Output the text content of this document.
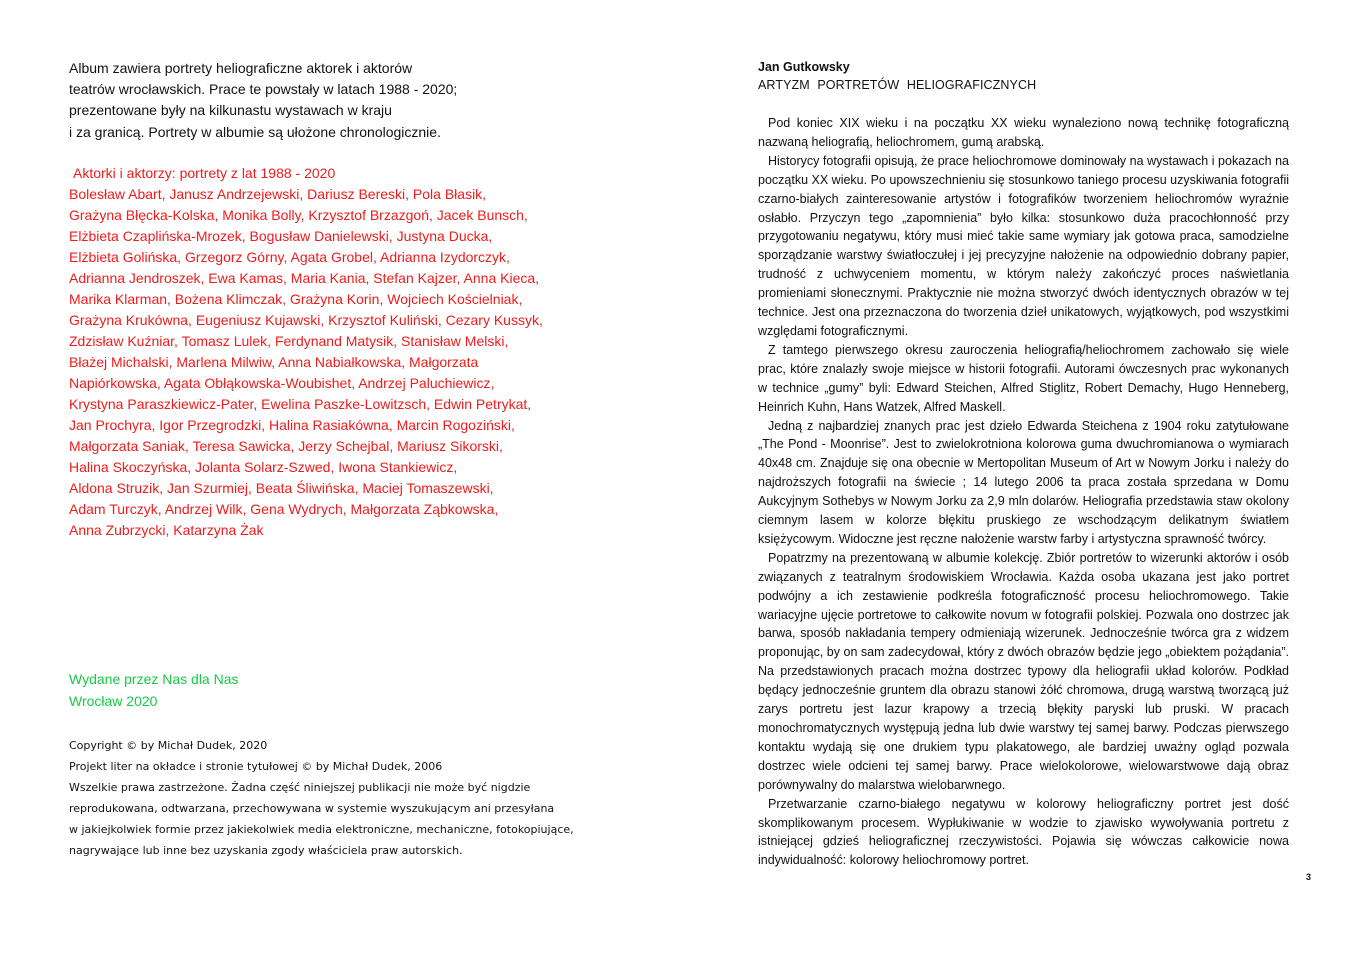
Album zawiera portrety heliograficzne aktorek i aktorów

teatrów wrocławskich. Prace te powstały w latach 1988 - 2020;

prezentowane były na kilkunastu wystawach w kraju

i za granicą. Portrety w albumie są ułożone chronologicznie.

Aktorki i aktorzy: portrety z lat 1988 - 2020

Bolesław Abart, Janusz Andrzejewski, Dariusz Bereski, Pola Błasik,

Grażyna Błęcka-Kolska, Monika Bolly, Krzysztof Brzazgoń, Jacek Bunsch,

Elżbieta Czaplińska-Mrozek, Bogusław Danielewski, Justyna Ducka,

Elżbieta Golińska, Grzegorz Górny, Agata Grobel, Adrianna Izydorczyk,

Adrianna Jendroszek, Ewa Kamas, Maria Kania, Stefan Kajzer, Anna Kieca,

Marika Klarman, Bożena Klimczak, Grażyna Korin, Wojciech Kościelniak,

Grażyna Krukówna, Eugeniusz Kujawski, Krzysztof Kuliński, Cezary Kussyk,

Zdzisław Kuźniar, Tomasz Lulek, Ferdynand Matysik, Stanisław Melski,

Błażej Michalski, Marlena Milwiw, Anna Nabiałkowska, Małgorzata

Napiórkowska, Agata Obłąkowska-Woubishet, Andrzej Paluchiewicz,

Krystyna Paraszkiewicz-Pater, Ewelina Paszke-Lowitzsch, Edwin Petrykat,

Jan Prochyra, Igor Przegrodzki, Halina Rasiakówna, Marcin Rogoziński,

Małgorzata Saniak, Teresa Sawicka, Jerzy Schejbal, Mariusz Sikorski,

Halina Skoczyńska, Jolanta Solarz-Szwed, Iwona Stankiewicz,

Aldona Struzik, Jan Szurmiej, Beata Śliwińska, Maciej Tomaszewski,

Adam Turczyk, Andrzej Wilk, Gena Wydrych, Małgorzata Ząbkowska,

Anna Zubrzycki, Katarzyna Żak

Wydane przez Nas dla Nas

Wrocław 2020

Copyright © by Michał Dudek, 2020

Projekt liter na okładce i stronie tytułowej © by Michał Dudek, 2006

Wszelkie prawa zastrzeżone. Żadna część niniejszej publikacji nie może być nigdzie

reprodukowana, odtwarzana, przechowywana w systemie wyszukującym ani przesyłana

w jakiejkolwiek formie przez jakiekolwiek media elektroniczne, mechaniczne, fotokopiujące,

nagrywające lub inne bez uzyskania zgody właściciela praw autorskich.

Jan Gutkowsky

ARTYZM PORTRETÓW HELIOGRAFICZNYCH

Pod koniec XIX wieku i na początku XX wieku wynaleziono nową technikę fotograficzną nazwaną heliografią, heliochromem, gumą arabską.

Historycy fotografii opisują, że prace heliochromowe dominowały na wystawach i pokazach na początku XX wieku. Po upowszechnieniu się stosunkowo taniego procesu uzyskiwania fotografii czarno-białych zainteresowanie artystów i fotografików tworzeniem heliochromów wyraźnie osłabło. Przyczyn tego „zapomnienia” było kilka: stosunkowo duża pracochłonność przy przygotowaniu negatywu, który musi mieć takie same wymiary jak gotowa praca, samodzielne sporządzanie warstwy światłoczułej i jej precyzyjne nałożenie na odpowiednio dobrany papier, trudność z uchwyceniem momentu, w którym należy zakończyć proces naświetlania promieniami słonecznymi. Praktycznie nie można stworzyć dwóch identycznych obrazów w tej technice. Jest ona przeznaczona do tworzenia dzieł unikatowych, wyjątkowych, pod wszystkimi względami fotograficznymi.

Z tamtego pierwszego okresu zauroczenia heliografią/heliochromem zachowało się wiele prac, które znalazły swoje miejsce w historii fotografii. Autorami ówczesnych prac wykonanych w technice „gumy” byli: Edward Steichen, Alfred Stiglitz, Robert Demachy, Hugo Henneberg, Heinrich Kuhn, Hans Watzek, Alfred Maskell.

Jedną z najbardziej znanych prac jest dzieło Edwarda Steichena z 1904 roku zatytułowane „The Pond - Moonrise”. Jest to zwielokrotniona kolorowa guma dwuchromianowa o wymiarach 40x48 cm. Znajduje się ona obecnie w Mertopolitan Museum of Art w Nowym Jorku i należy do najdroższych fotografii na świecie ; 14 lutego 2006 ta praca została sprzedana w Domu Aukcyjnym Sothebys w Nowym Jorku za 2,9 mln dolarów. Heliografia przedstawia staw okolony ciemnym lasem w kolorze błękitu pruskiego ze wschodzącym delikatnym światłem księżycowym. Widoczne jest ręczne nałożenie warstw farby i artystyczna sprawność twórcy.

Popatrzmy na prezentowaną w albumie kolekcję. Zbiór portretów to wizerunki aktorów i osób związanych z teatralnym środowiskiem Wrocławia. Każda osoba ukazana jest jako portret podwójny a ich zestawienie podkreśla fotograficzność procesu heliochromowego. Takie wariacyjne ujęcie portretowe to całkowite novum w fotografii polskiej. Pozwala ono dostrzec jak barwa, sposób nakładania tempery odmieniają wizerunek. Jednocześnie twórca gra z widzem proponując, by on sam zadecydował, który z dwóch obrazów będzie jego „obiektem pożądania”. Na przedstawionych pracach można dostrzec typowy dla heliografii układ kolorów. Podkład będący jednocześnie gruntem dla obrazu stanowi żółć chromowa, drugą warstwą tworzącą już zarys portretu jest lazur krapowy a trzecią błękity paryski lub pruski. W pracach monochromatycznych występują jedna lub dwie warstwy tej samej barwy. Podczas pierwszego kontaktu wydają się one drukiem typu plakatowego, ale bardziej uważny ogląd pozwala dostrzec wiele odcieni tej samej barwy. Prace wielokolorowe, wielowarstwowe dają obraz porównywalny do malarstwa wielobarwnego.

Przetwarzanie czarno-białego negatywu w kolorowy heliograficzny portret jest dość skomplikowanym procesem. Wypłukiwanie w wodzie to zjawisko wywoływania portretu z istniejącej gdzieś heliograficznej rzeczywistości. Pojawia się wówczas całkowicie nowa indywidualność: kolorowy heliochromowy portret.

3
